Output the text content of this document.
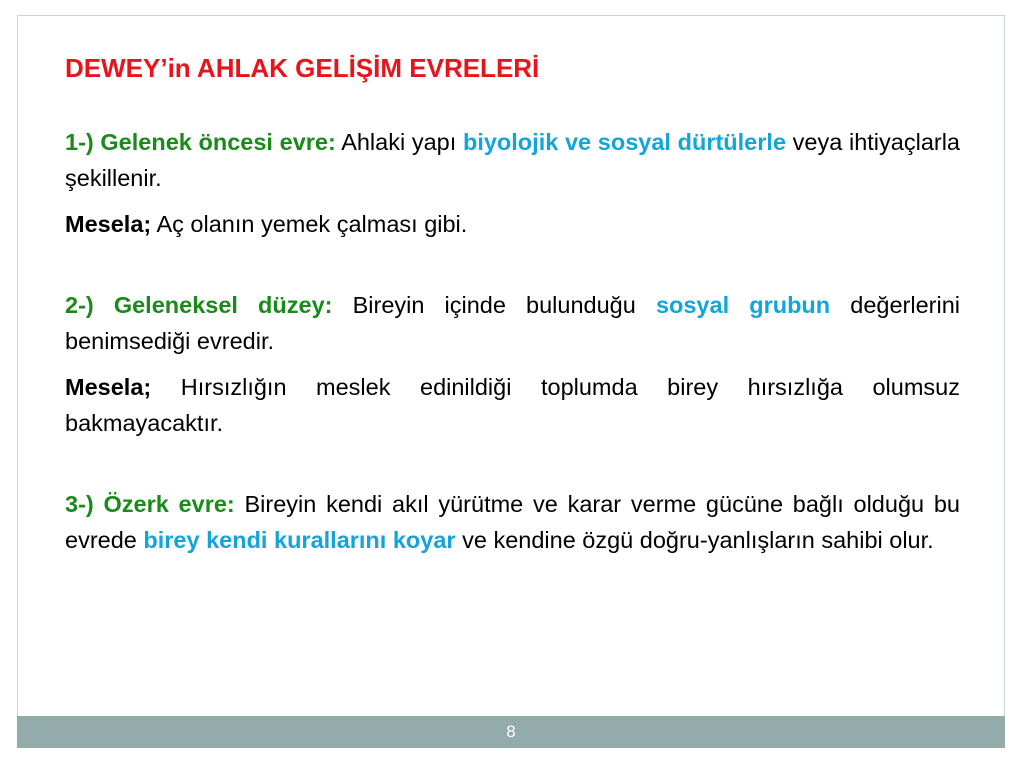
DEWEY’in AHLAK GELİŞİM EVRELERİ

1-) Gelenek öncesi evre: Ahlaki yapı biyolojik ve sosyal dürtülerle veya ihtiyaçlarla şekillenir.

Mesela; Aç olanın yemek çalması gibi.

2-) Geleneksel düzey: Bireyin içinde bulunduğu sosyal grubun değerlerini benimsediği evredir.

Mesela; Hırsızlığın meslek edinildiği toplumda birey hırsızlığa olumsuz bakmayacaktır.

3-) Özerk evre: Bireyin kendi akıl yürütme ve karar verme gücüne bağlı olduğu bu evrede birey kendi kurallarını koyar ve kendine özgü doğru-yanlışların sahibi olur.

8
